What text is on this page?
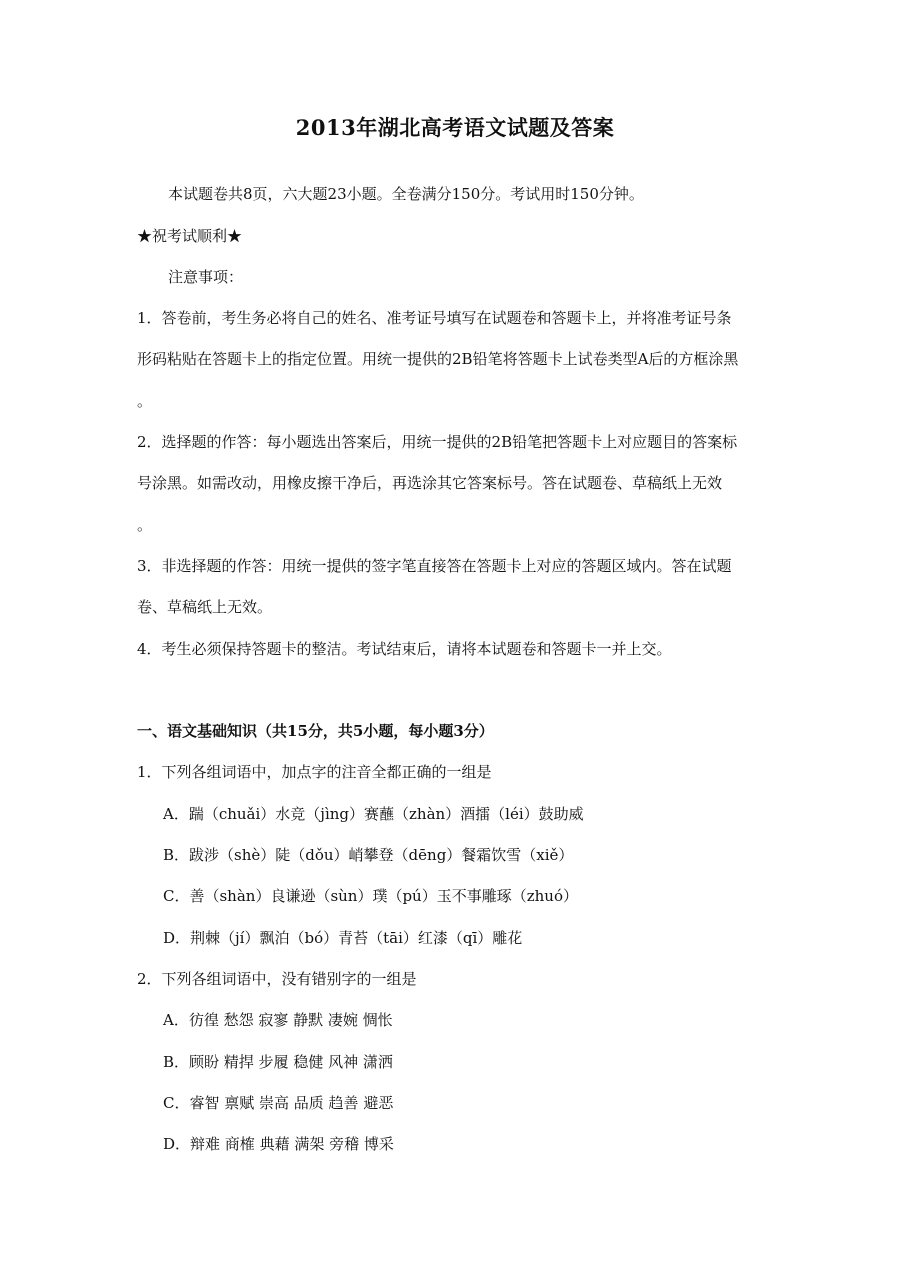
2013年湖北高考语文试题及答案
本试题卷共8页，六大题23小题。全卷满分150分。考试用时150分钟。
★祝考试顺利★
注意事项：
1．答卷前，考生务必将自己的姓名、准考证号填写在试题卷和答题卡上，并将准考证号条
形码粘贴在答题卡上的指定位置。用统一提供的2B铅笔将答题卡上试卷类型A后的方框涂黑
。
2．选择题的作答：每小题选出答案后，用统一提供的2B铅笔把答题卡上对应题目的答案标
号涂黑。如需改动，用橡皮擦干净后，再选涂其它答案标号。答在试题卷、草稿纸上无效
。
3．非选择题的作答：用统一提供的签字笔直接答在答题卡上对应的答题区域内。答在试题
卷、草稿纸上无效。
4．考生必须保持答题卡的整洁。考试结束后，请将本试题卷和答题卡一并上交。
一、语文基础知识（共15分，共5小题，每小题3分）
1．下列各组词语中，加点字的注音全都正确的一组是
A．踹（chuǎi）水竞（jìng）赛蘸（zhàn）酒擂（léi）鼓助威
B．跋涉（shè）陡（dǒu）峭攀登（dēng）餐霜饮雪（xiě）
C．善（shàn）良谦逊（sùn）璞（pú）玉不事雕琢（zhuó）
D．荆棘（jí）飘泊（bó）青苔（tāi）红漆（qī）雕花
2．下列各组词语中，没有错别字的一组是
A．彷徨 愁怨 寂寥 静默 凄婉 惆怅
B．顾盼 精捍 步履 稳健 风神 潇洒
C．睿智 禀赋 崇高 品质 趋善 避恶
D．辩难 商榷 典藉 满架 旁稽 博采
